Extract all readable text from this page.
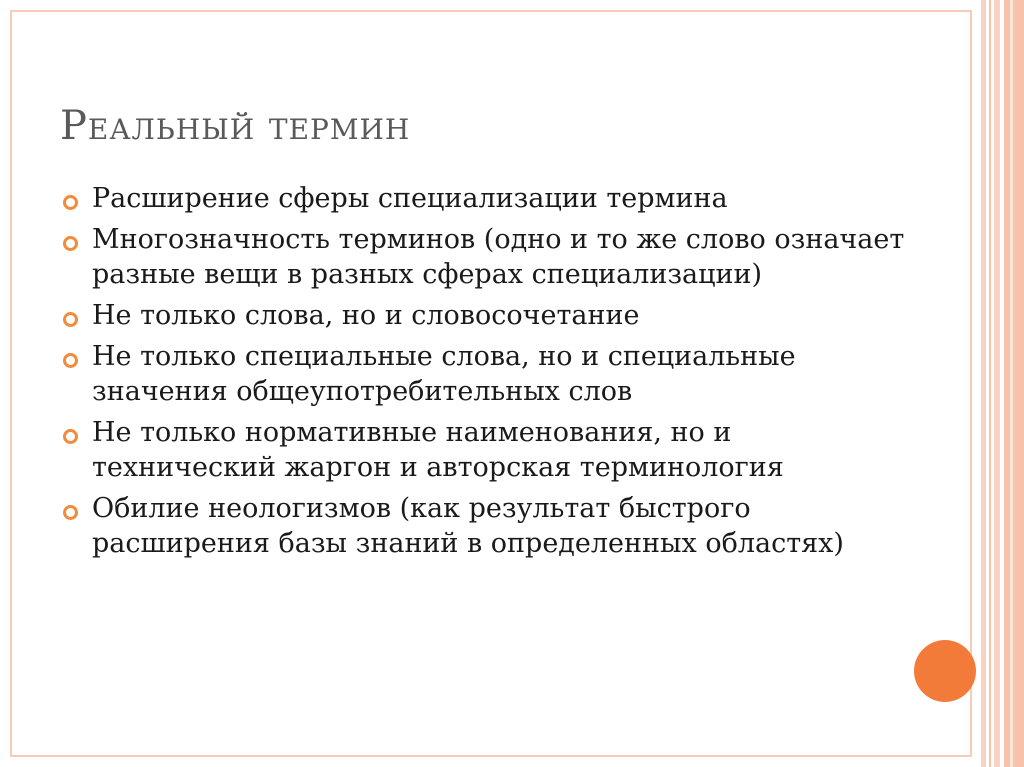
Реальный термин

Расширение сферы специализации термина

Многозначность терминов (одно и то же слово означает разные вещи в разных сферах специализации)

Не только слова, но и словосочетание

Не только специальные слова, но и специальные значения общеупотребительных слов

Не только нормативные наименования, но и технический жаргон и авторская терминология

Обилие неологизмов (как результат быстрого расширения базы знаний в определенных областях)
